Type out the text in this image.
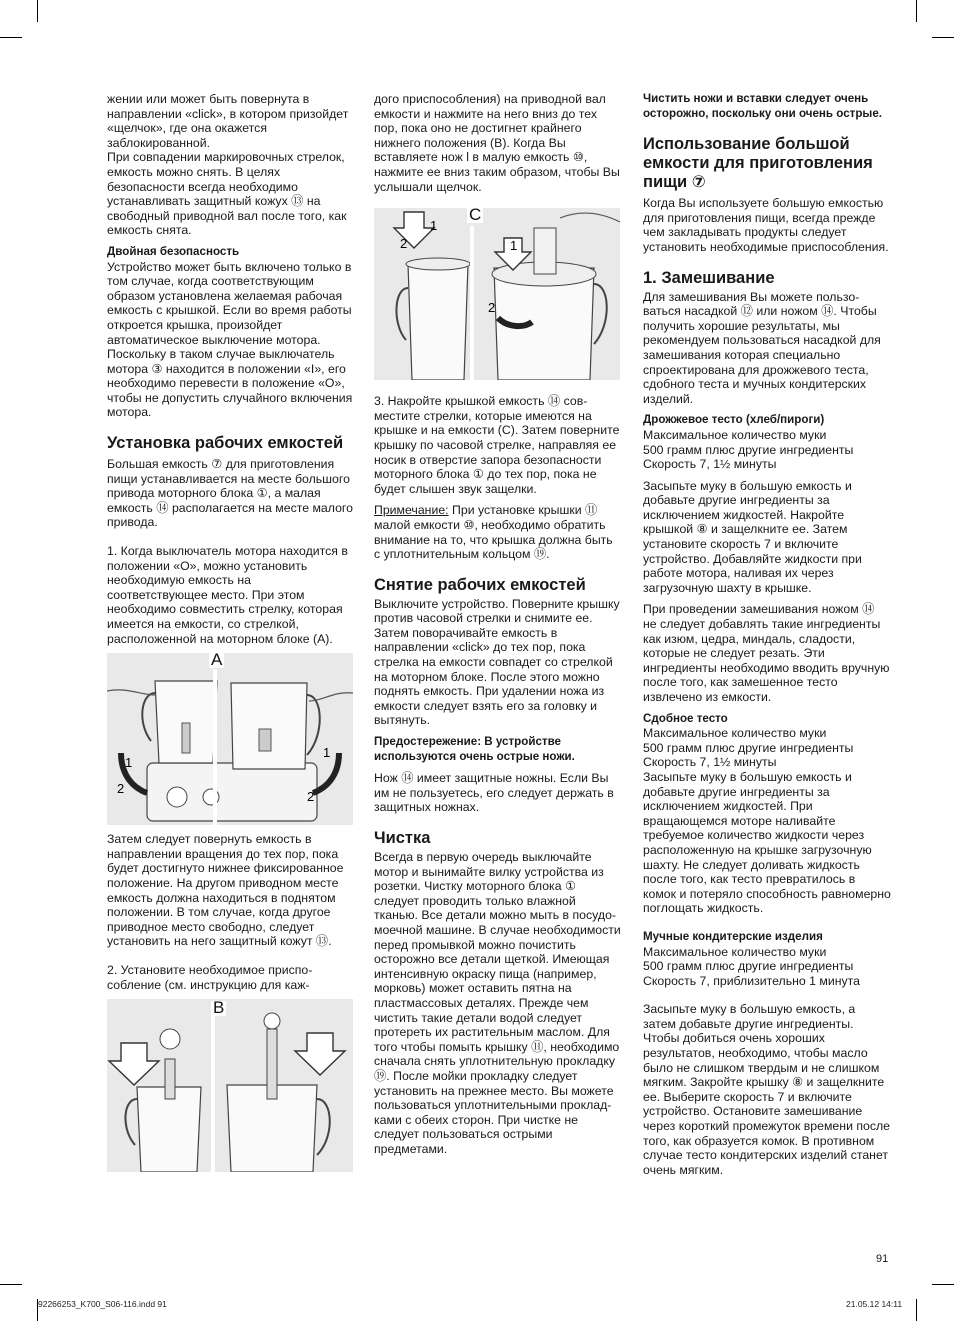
жении или может быть повернута в направлении «click», в котором призойдет «щелчок», где она окажется заблокированной.

При совпадении маркировочных стрелок, емкость можно снять. В целях безопасности всегда необходимо устанавливать защитный кожух ⑬ на свободный приводной вал после того, как емкость снята.

Двойная безопасность

Устройство может быть включено только в том случае, когда соответствующим образом установлена желаемая рабочая емкость с крышкой. Если во время работы откроется крышка, произойдет автоматическое выключение мотора. Поскольку в таком случае выключатель мотора ③ находится в положении «I», его необходимо перевести в положение «O», чтобы не допустить случайного включения мотора.

Установка рабочих емкостей

Большая емкость ⑦ для приготовления пищи устанавливается на месте большого привода моторного блока ①, а малая емкость ⑭ располагается на месте малого привода.

1. Когда выключатель мотора находится в положении «O», можно установить необходимую емкость на соответствующее место. При этом необходимо совместить стрелку, которая имеется на емкости, со стрелкой, расположенной на моторном блоке (A).

1
2
1
2
A

Затем следует повернуть емкость в направлении вращения до тех пор, пока будет достигнуто нижнее фиксированное положение. На другом приводном месте емкость должна находиться в поднятом положении. В том случае, когда другое приводное место свободно, следует установить на него защитный кожут ⑬.

2. Установите необходимое приспособление (см. инструкцию для каж-

B

дого приспособления) на приводной вал емкости и нажмите на него вниз до тех пор, пока оно не достигнет крайнего нижнего положения (B). Когда Вы вставляете нож l в малую емкость ⑩, нажмите ее вниз таким образом, чтобы Вы услышали щелчок.

2
1
1
2
C

3. Накройте крышкой емкость ⑭ совместите стрелки, которые имеются на крышке и на емкости (C). Затем поверните крышку по часовой стрелке, направляя ее носик в отверстие запора безопасности моторного блока ① до тех пор, пока не будет слышен звук защелки.

Примечание: При установке крышки ⑪ малой емкости ⑩, необходимо обратить внимание на то, что крышка должна быть с уплотнительным кольцом ⑲.

Снятие рабочих емкостей

Выключите устройство. Поверните крышку против часовой стрелки и снимите ее. Затем поворачивайте емкость в направлении «click» до тех пор, пока стрелка на емкости совпадет со стрелкой на моторном блоке. После этого можно поднять емкость. При удалении ножа из емкости следует взять его за головку и вытянуть.

Предостережение: В устройстве используются очень острые ножи.

Нож ⑭ имеет защитные ножны. Если Вы им не пользуетесь, его следует держать в защитных ножнах.

Чистка

Всегда в первую очередь выключайте мотор и вынимайте вилку устройства из розетки. Чистку моторного блока ① следует проводить только влажной тканью. Все детали можно мыть в посудомоечной машине. В случае необходимости перед промывкой можно почистить осторожно все детали щеткой. Имеющая интенсивную окраску пища (например, морковь) может оставить пятна на пластмассовых деталях. Прежде чем чистить такие детали водой следует протереть их растительным маслом. Для того чтобы помыть крышку ⑪, необходимо сначала снять уплотнительную прокладку ⑲. После мойки прокладку следует установить на прежнее место. Вы можете пользоваться уплотнительными прокладками с обеих сторон. При чистке не следует пользоваться острыми предметами.

Чистить ножи и вставки следует очень осторожно, поскольку они очень острые.

Использование большой емкости для приготовления пищи ⑦

Когда Вы используете большую емкостью для приготовления пищи, всегда прежде чем закладывать продукты следует установить необходимые приспособления.

1. Замешивание

Для замешивания Вы можете пользоваться насадкой ⑫ или ножом ⑭. Чтобы получить хорошие результаты, мы рекомендуем пользоваться насадкой для замешивания которая специально спроектирована для дрожжевого теста, сдобного теста и мучных кондитерских изделий.

Дрожжевое тесто (хлеб/пироги)

Максимальное количество муки

500 грамм плюс другие ингредиенты

Скорость 7, 1½ минуты

Засыпьте муку в большую емкость и добавьте другие ингредиенты за исключением жидкостей. Накройте крышкой ⑧ и защелкните ее. Затем установите скорость 7 и включите устройство. Добавляйте жидкости при работе мотора, наливая их через загрузочную шахту в крышке.

При проведении замешивания ножом ⑭ не следует добавлять такие ингредиенты как изюм, цедра, миндаль, сладости, которые не следует резать. Эти ингредиенты необходимо вводить вручную после того, как замешенное тесто извлечено из емкости.

Сдобное тесто

Максимальное количество муки

500 грамм плюс другие ингредиенты

Скорость 7, 1½ минуты

Засыпьте муку в большую емкость и добавьте другие ингредиенты за исключением жидкостей. При вращающемся моторе наливайте требуемое количество жидкости через расположенную на крышке загрузочную шахту. Не следует доливать жидкость после того, как тесто превратилось в комок и потеряло способность равномерно поглощать жидкость.

Мучные кондитерские изделия

Максимальное количество муки

500 грамм плюс другие ингредиенты

Скорость 7, приблизительно 1 минута

Засыпьте муку в большую емкость, а затем добавьте другие ингредиенты. Чтобы добиться очень хороших результатов, необходимо, чтобы масло было не слишком твердым и не слишком мягким. Закройте крышку ⑧ и защелкните ее. Выберите скорость 7 и включите устройство. Остановите замешивание через короткий промежуток времени после того, как образуется комок. В противном случае тесто кондитерских изделий станет очень мягким.

91
92266253_K700_S06-116.indd 91	21.05.12 14:11
